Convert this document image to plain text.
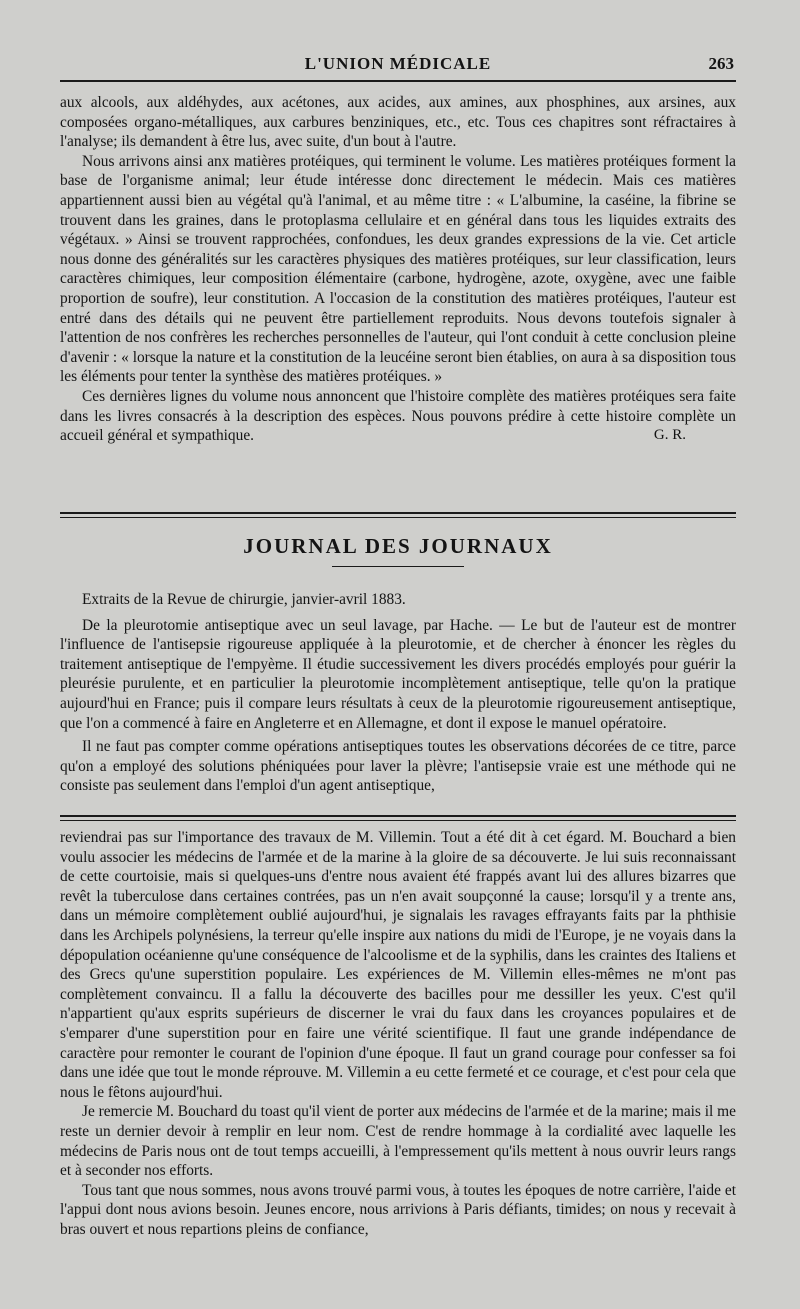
L'UNION MÉDICALE	263

aux alcools, aux aldéhydes, aux acétones, aux acides, aux amines, aux phosphines, aux arsines, aux composées organo-métalliques, aux carbures benziniques, etc., etc. Tous ces chapitres sont réfractaires à l'analyse; ils demandent à être lus, avec suite, d'un bout à l'autre.

Nous arrivons ainsi anx matières protéiques, qui terminent le volume. Les matières protéiques forment la base de l'organisme animal; leur étude intéresse donc directement le médecin. Mais ces matières appartiennent aussi bien au végétal qu'à l'animal, et au même titre : « L'albumine, la caséine, la fibrine se trouvent dans les graines, dans le protoplasma cellulaire et en général dans tous les liquides extraits des végétaux. » Ainsi se trouvent rapprochées, confondues, les deux grandes expressions de la vie. Cet article nous donne des généralités sur les caractères physiques des matières protéiques, sur leur classification, leurs caractères chimiques, leur composition élémentaire (carbone, hydrogène, azote, oxygène, avec une faible proportion de soufre), leur constitution. A l'occasion de la constitution des matières protéiques, l'auteur est entré dans des détails qui ne peuvent être partiellement reproduits. Nous devons toutefois signaler à l'attention de nos confrères les recherches personnelles de l'auteur, qui l'ont conduit à cette conclusion pleine d'avenir : « lorsque la nature et la constitution de la leucéine seront bien établies, on aura à sa disposition tous les éléments pour tenter la synthèse des matières protéiques. »

Ces dernières lignes du volume nous annoncent que l'histoire complète des matières protéiques sera faite dans les livres consacrés à la description des espèces. Nous pouvons prédire à cette histoire complète un accueil général et sympathique.	G. R.

JOURNAL DES JOURNAUX

Extraits de la Revue de chirurgie, janvier-avril 1883.

De la pleurotomie antiseptique avec un seul lavage, par Hache. — Le but de l'auteur est de montrer l'influence de l'antisepsie rigoureuse appliquée à la pleurotomie, et de chercher à énoncer les règles du traitement antiseptique de l'empyème. Il étudie successivement les divers procédés employés pour guérir la pleurésie purulente, et en particulier la pleurotomie incomplètement antiseptique, telle qu'on la pratique aujourd'hui en France; puis il compare leurs résultats à ceux de la pleurotomie rigoureusement antiseptique, que l'on a commencé à faire en Angleterre et en Allemagne, et dont il expose le manuel opératoire.

Il ne faut pas compter comme opérations antiseptiques toutes les observations décorées de ce titre, parce qu'on a employé des solutions phéniquées pour laver la plèvre; l'antisepsie vraie est une méthode qui ne consiste pas seulement dans l'emploi d'un agent antiseptique,

reviendrai pas sur l'importance des travaux de M. Villemin. Tout a été dit à cet égard. M. Bouchard a bien voulu associer les médecins de l'armée et de la marine à la gloire de sa découverte. Je lui suis reconnaissant de cette courtoisie, mais si quelques-uns d'entre nous avaient été frappés avant lui des allures bizarres que revêt la tuberculose dans certaines contrées, pas un n'en avait soupçonné la cause; lorsqu'il y a trente ans, dans un mémoire complètement oublié aujourd'hui, je signalais les ravages effrayants faits par la phthisie dans les Archipels polynésiens, la terreur qu'elle inspire aux nations du midi de l'Europe, je ne voyais dans la dépopulation océanienne qu'une conséquence de l'alcoolisme et de la syphilis, dans les craintes des Italiens et des Grecs qu'une superstition populaire. Les expériences de M. Villemin elles-mêmes ne m'ont pas complètement convaincu. Il a fallu la découverte des bacilles pour me dessiller les yeux. C'est qu'il n'appartient qu'aux esprits supérieurs de discerner le vrai du faux dans les croyances populaires et de s'emparer d'une superstition pour en faire une vérité scientifique. Il faut une grande indépendance de caractère pour remonter le courant de l'opinion d'une époque. Il faut un grand courage pour confesser sa foi dans une idée que tout le monde réprouve. M. Villemin a eu cette fermeté et ce courage, et c'est pour cela que nous le fêtons aujourd'hui.

Je remercie M. Bouchard du toast qu'il vient de porter aux médecins de l'armée et de la marine; mais il me reste un dernier devoir à remplir en leur nom. C'est de rendre hommage à la cordialité avec laquelle les médecins de Paris nous ont de tout temps accueilli, à l'empressement qu'ils mettent à nous ouvrir leurs rangs et à seconder nos efforts.

Tous tant que nous sommes, nous avons trouvé parmi vous, à toutes les époques de notre carrière, l'aide et l'appui dont nous avions besoin. Jeunes encore, nous arrivions à Paris défiants, timides; on nous y recevait à bras ouvert et nous repartions pleins de confiance,
